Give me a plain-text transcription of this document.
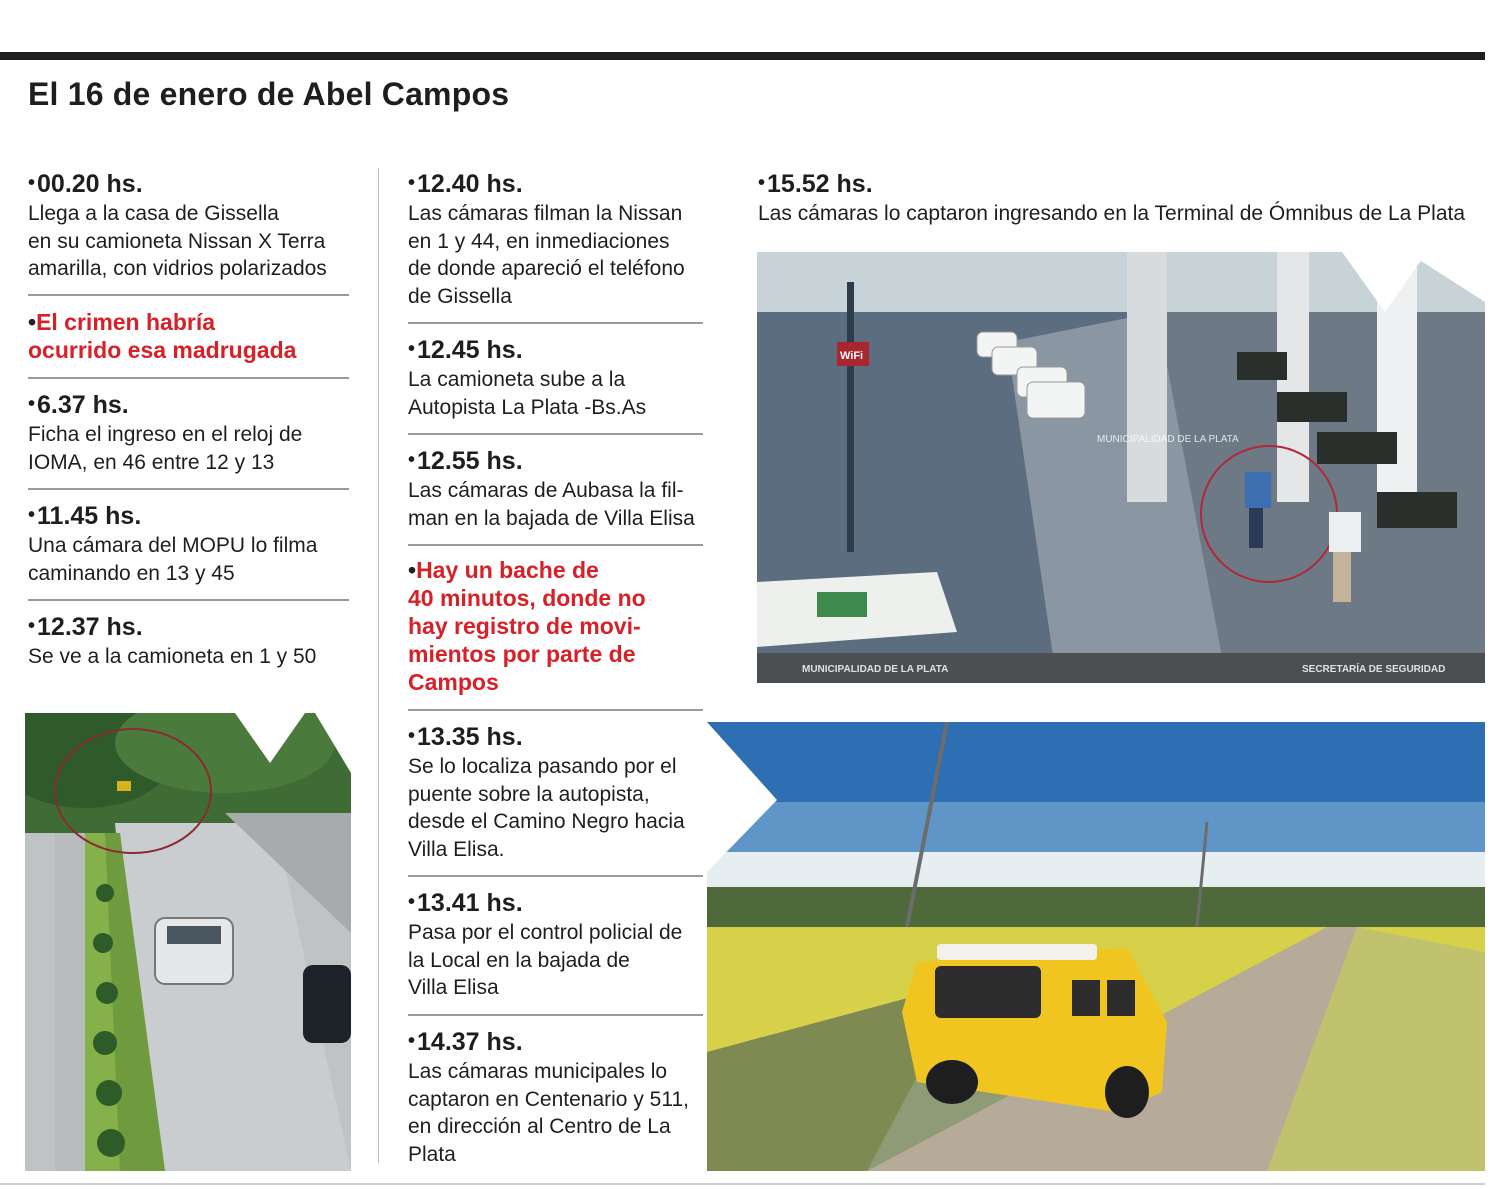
El 16 de enero de Abel Campos
•00.20 hs.
Llega a la casa de Gissella
en su camioneta Nissan X Terra
amarilla, con vidrios polarizados
•El crimen habría
ocurrido esa madrugada
•6.37 hs.
Ficha el ingreso en el reloj de
IOMA, en 46 entre 12 y 13
•11.45 hs.
Una cámara del MOPU lo filma
caminando en 13 y 45
•12.37 hs.
Se ve a la camioneta en 1 y 50
•12.40 hs.
Las cámaras filman la Nissan
en 1 y 44, en inmediaciones
de donde apareció el teléfono
de Gissella
•12.45 hs.
La camioneta sube a la
Autopista La Plata -Bs.As
•12.55 hs.
Las cámaras de Aubasa la fil-
man en la bajada de Villa Elisa
•Hay un bache de
40 minutos, donde no
hay registro de movi-
mientos por parte de
Campos
•13.35 hs.
Se lo localiza pasando por el
puente sobre la autopista,
desde el Camino Negro hacia
Villa Elisa.
•13.41 hs.
Pasa por el control policial de
la Local en la bajada de
Villa Elisa
•14.37 hs.
Las cámaras municipales lo
captaron en Centenario y 511,
en dirección al Centro de La
Plata
•15.52 hs.
Las cámaras lo captaron ingresando en la Terminal de Ómnibus de La Plata
WiFi
MUNICIPALIDAD DE LA PLATA
MUNICIPALIDAD DE LA PLATA	SECRETARÍA DE SEGURIDAD
